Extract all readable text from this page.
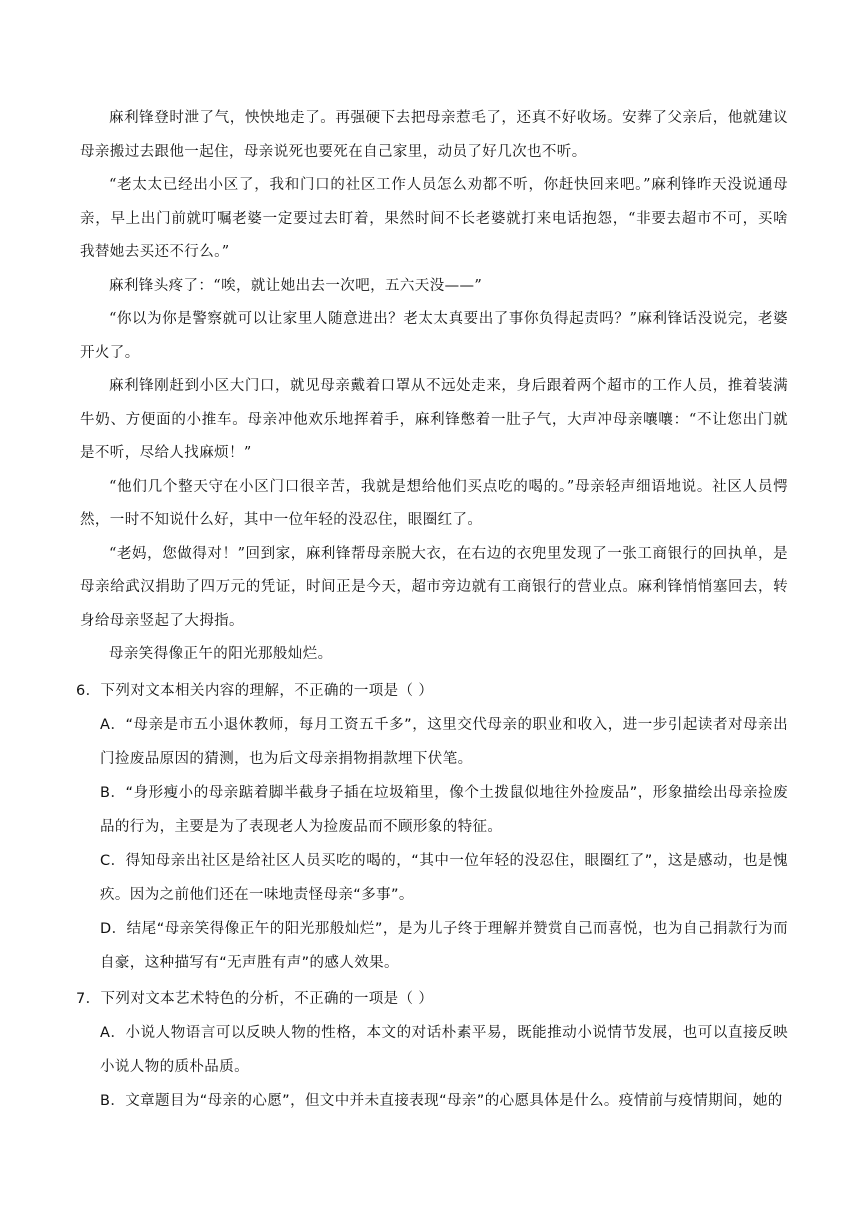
麻利锋登时泄了气，怏怏地走了。再强硬下去把母亲惹毛了，还真不好收场。安葬了父亲后，他就建议母亲搬过去跟他一起住，母亲说死也要死在自己家里，动员了好几次也不听。

“老太太已经出小区了，我和门口的社区工作人员怎么劝都不听，你赶快回来吧。”麻利锋昨天没说通母亲，早上出门前就叮嘱老婆一定要过去盯着，果然时间不长老婆就打来电话抱怨，“非要去超市不可，买啥我替她去买还不行么。”

麻利锋头疼了：“唉，就让她出去一次吧，五六天没——”

“你以为你是警察就可以让家里人随意进出？老太太真要出了事你负得起责吗？”麻利锋话没说完，老婆开火了。

麻利锋刚赶到小区大门口，就见母亲戴着口罩从不远处走来，身后跟着两个超市的工作人员，推着装满牛奶、方便面的小推车。母亲冲他欢乐地挥着手，麻利锋憋着一肚子气，大声冲母亲嚷嚷：“不让您出门就是不听，尽给人找麻烦！”

“他们几个整天守在小区门口很辛苦，我就是想给他们买点吃的喝的。”母亲轻声细语地说。社区人员愕然，一时不知说什么好，其中一位年轻的没忍住，眼圈红了。

“老妈，您做得对！”回到家，麻利锋帮母亲脱大衣，在右边的衣兜里发现了一张工商银行的回执单，是母亲给武汉捐助了四万元的凭证，时间正是今天，超市旁边就有工商银行的营业点。麻利锋悄悄塞回去，转身给母亲竖起了大拇指。

母亲笑得像正午的阳光那般灿烂。

6．下列对文本相关内容的理解，不正确的一项是（ ）

A．“母亲是市五小退休教师，每月工资五千多”，这里交代母亲的职业和收入，进一步引起读者对母亲出门捡废品原因的猜测，也为后文母亲捐物捐款埋下伏笔。

B．“身形瘦小的母亲踮着脚半截身子插在垃圾箱里，像个土拨鼠似地往外捡废品”，形象描绘出母亲捡废品的行为，主要是为了表现老人为捡废品而不顾形象的特征。

C．得知母亲出社区是给社区人员买吃的喝的，“其中一位年轻的没忍住，眼圈红了”，这是感动，也是愧疚。因为之前他们还在一味地责怪母亲“多事”。

D．结尾“母亲笑得像正午的阳光那般灿烂”，是为儿子终于理解并赞赏自己而喜悦，也为自己捐款行为而自豪，这种描写有“无声胜有声”的感人效果。

7．下列对文本艺术特色的分析，不正确的一项是（ ）

A．小说人物语言可以反映人物的性格，本文的对话朴素平易，既能推动小说情节发展，也可以直接反映小说人物的质朴品质。

B．文章题目为“母亲的心愿”，但文中并未直接表现“母亲”的心愿具体是什么。疫情前与疫情期间，她的
